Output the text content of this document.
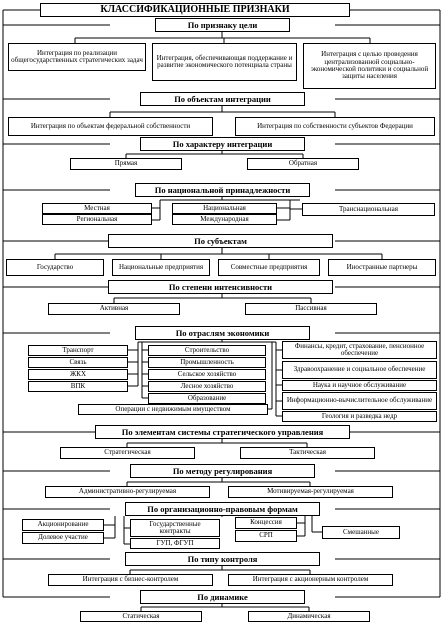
КЛАССИФИКАЦИОННЫЕ ПРИЗНАКИ
По признаку цели
Интеграция по реализации общегосударственных стратегических задач	Интеграция, обеспечивающая поддержание и развитие экономического потенциала страны
Интеграция с целью проведения централизованной социально-экономической политики и социальной защиты населения
По объектам интеграции
Интеграция по объектам федеральной собственности	Интеграция по собственности субъектов Федерации
По характеру интеграции
Прямая	Обратная
По национальной принадлежности
Местная
Региональная
Национальная
Международная
Транснациональная
По субъектам
Государство	Национальные предприятия	Совместные предприятия	Иностранные партнеры
По степени интенсивности
Активная	Пассивная
По отраслям экономики
Транспорт
Связь
ЖКХ
ВПК
Строительство
Промышленность
Сельское хозяйство
Лесное хозяйство
Образование
Операции с недвижимым имуществом
Финансы, кредит, страхование, пенсионное обеспечение
Здравоохранение и социальное обеспечение
Наука и научное обслуживание
Информационно-вычислительное обслуживание
Геология и разведка недр
По элементам системы стратегического управления
Стратегическая	Тактическая
По методу регулирования
Административно-регулируемая	Мотивируемая-регулируемая
По организационно-правовым формам
Акционирование
Долевое участие
Государственные контракты
ГУП, ФГУП
Концессия
СРП	Смешанные
По типу контроля
Интеграция с бизнес-контролем	Интеграция с акционерным контролем
По динамике
Статическая	Динамическая
